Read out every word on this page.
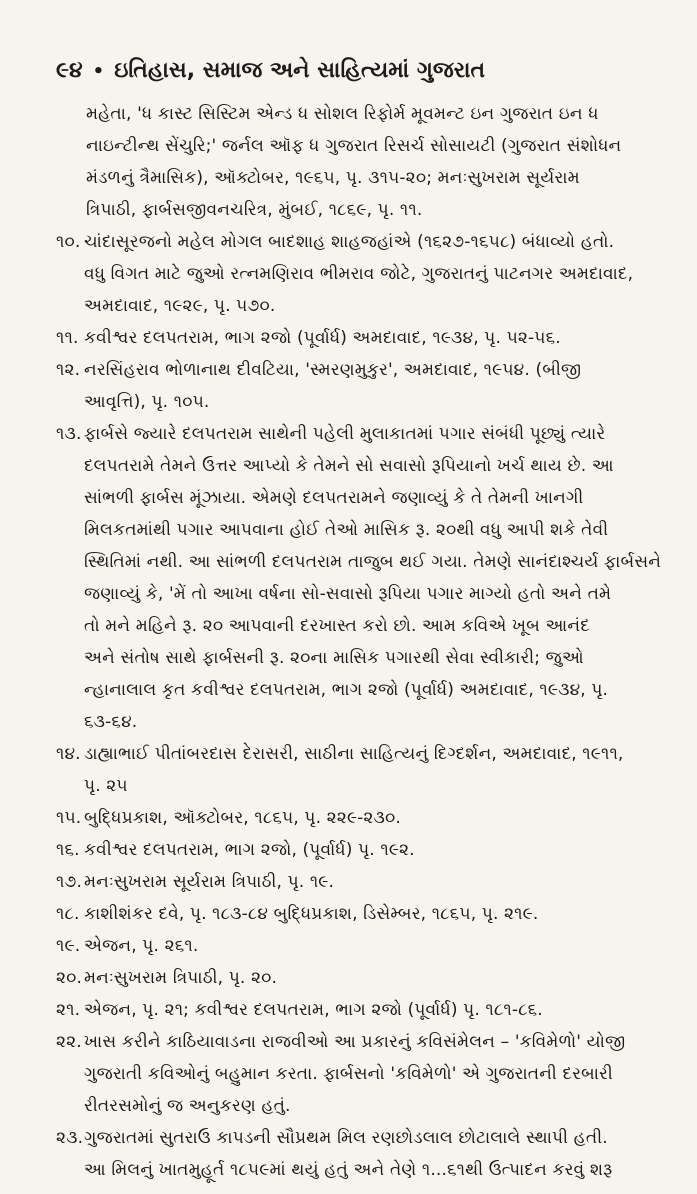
૯૪ • ઇતિહાસ, સમાજ અને સાહિત્યમાં ગુજરાત
મહેતા, 'ધ કાસ્ટ સિસ્ટિમ એન્ડ ધ સોશલ રિફોર્મ મૂવમન્ટ ઇન ગુજરાત ઇન ધ
નાઇન્ટીન્થ સેંચુરિ;' જર્નલ ઑફ ધ ગુજરાત રિસર્ચ સોસાયટી (ગુજરાત સંશોધન
મંડળનું ત્રૈમાસિક), ઑક્ટોબર, ૧૯૬૫, પૃ. ૩૧૫-૨૦; મનઃસુખરામ સૂર્યરામ
ત્રિપાઠી, ફાર્બસજીવનચરિત્ર, મુંબઈ, ૧૮૬૯, પૃ. ૧૧.
૧૦. ચાંદાસૂરજનો મહેલ મોગલ બાદશાહ શાહજહાંએ (૧૬૨૭-૧૬૫૮) બંધાવ્યો હતો.
વધુ વિગત માટે જુઓ રત્નમણિરાવ ભીમરાવ જોટે, ગુજરાતનું પાટનગર અમદાવાદ,
અમદાવાદ, ૧૯૨૯, પૃ. ૫૭૦.
૧૧. કવીશ્વર દલપતરામ, ભાગ ૨જો (પૂર્વાર્ધ) અમદાવાદ, ૧૯૩૪, પૃ. ૫૨-૫૬.
૧૨. નરસિંહરાવ ભોળાનાથ દીવટિયા, 'સ્મરણમુકુર', અમદાવાદ, ૧૯૫૪. (બીજી
આવૃત્તિ), પૃ. ૧૦૫.
૧૩. ફાર્બસે જ્યારે દલપતરામ સાથેની પહેલી મુલાકાતમાં પગાર સંબંધી પૂછ્યું ત્યારે
દલપતરામે તેમને ઉત્તર આપ્યો કે તેમને સો સવાસો રૂપિયાનો ખર્ચ થાય છે. આ
સાંભળી ફાર્બસ મૂંઝાયા. એમણે દલપતરામને જણાવ્યું કે તે તેમની ખાનગી
મિલકતમાંથી પગાર આપવાના હોઈ તેઓ માસિક રૂ. ૨૦થી વધુ આપી શકે તેવી
સ્થિતિમાં નથી. આ સાંભળી દલપતરામ તાજુબ થઈ ગયા. તેમણે સાનંદાશ્ચર્ય ફાર્બસને
જણાવ્યું કે, 'મેં તો આખા વર્ષના સો-સવાસો રૂપિયા પગાર માગ્યો હતો અને તમે
તો મને મહિને રૂ. ૨૦ આપવાની દરખાસ્ત કરો છો. આમ કવિએ ખૂબ આનંદ
અને સંતોષ સાથે ફાર્બસની રૂ. ૨૦ના માસિક પગારથી સેવા સ્વીકારી; જુઓ
ન્હાનાલાલ કૃત કવીશ્વર દલપતરામ, ભાગ ૨જો (પૂર્વાર્ધ) અમદાવાદ, ૧૯૩૪, પૃ.
૬૩-૬૪.
૧૪. ડાહ્યાભાઈ પીતાંબરદાસ દેરાસરી, સાઠીના સાહિત્યનું દિગ્દર્શન, અમદાવાદ, ૧૯૧૧,
પૃ. ૨૫
૧૫. બુદ્ધિપ્રકાશ, ઑક્ટોબર, ૧૮૬૫, પૃ. ૨૨૯-૨૩૦.
૧૬. કવીશ્વર દલપતરામ, ભાગ ૨જો, (પૂર્વાર્ધ) પૃ. ૧૯૨.
૧૭. મનઃસુખરામ સૂર્યરામ ત્રિપાઠી, પૃ. ૧૯.
૧૮. કાશીશંકર દવે, પૃ. ૧૮૩-૮૪ બુદ્ધિપ્રકાશ, ડિસેમ્બર, ૧૮૬૫, પૃ. ૨૧૯.
૧૯. એજન, પૃ. ૨૬૧.
૨૦. મનઃસુખરામ ત્રિપાઠી, પૃ. ૨૦.
૨૧. એજન, પૃ. ૨૧; કવીશ્વર દલપતરામ, ભાગ ૨જો (પૂર્વાર્ધ) પૃ. ૧૮૧-૮૬.
૨૨. ખાસ કરીને કાઠિયાવાડના રાજવીઓ આ પ્રકારનું કવિસંમેલન – 'કવિમેળો' યોજી
ગુજરાતી કવિઓનું બહુમાન કરતા. ફાર્બસનો 'કવિમેળો' એ ગુજરાતની દરબારી
રીતરસમોનું જ અનુકરણ હતું.
૨૩. ગુજરાતમાં સુતરાઉ કાપડની સૌપ્રથમ મિલ રણછોડલાલ છોટાલાલે સ્થાપી હતી.
આ મિલનું ખાતમુહૂર્ત ૧૮૫૯માં થયું હતું અને તેણે ૧...૬૧થી ઉત્પાદન કરવું શરૂ
